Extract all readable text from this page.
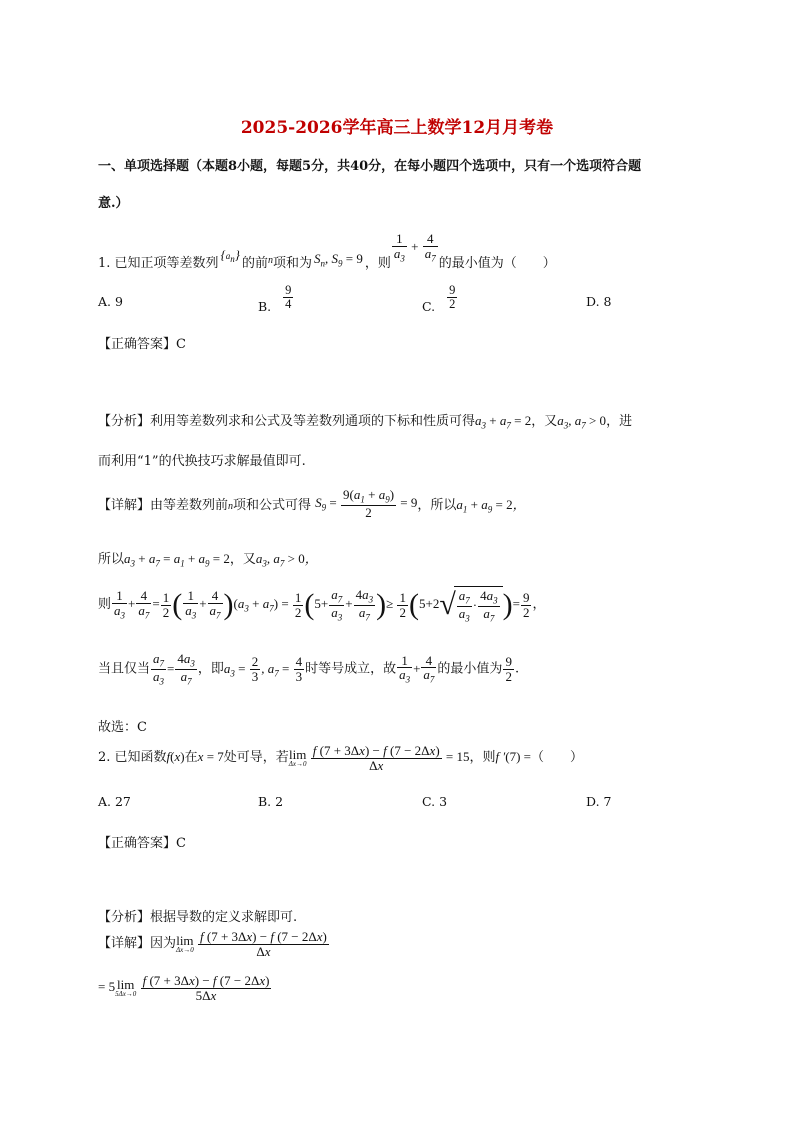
2025-2026学年高三上数学12月月考卷
一、单项选择题（本题8小题，每题5分，共40分，在每小题四个选项中，只有一个选项符合题
意.）
1. 已知正项等差数列$\{a_n\}$的前$_n$项和为 $S_n$, $S_9 = 9$ ，则 $\frac{1}{a_3} + \frac{4}{a_7}$ 的最小值为（　　）
A. 9	B. $\frac{9}{4}$	C. $\frac{9}{2}$	D. 8
【正确答案】C
【分析】利用等差数列求和公式及等差数列通项的下标和性质可得$a_3 + a_7 = 2$，又$a_3$, $a_7 > 0$，进
而利用“1”的代换技巧求解最值即可.
【详解】由等差数列前n项和公式可得 $S_9 = \frac{9(a_1 + a_9)}{2} = 9$，所以$a_1 + a_9 = 2$，
所以$a_3 + a_7 = a_1 + a_9 = 2$，又$a_3$, $a_7 > 0$，
则 $\frac{1}{a_3} + \frac{4}{a_7} = \frac{1}{2}$ ( $\frac{1}{a_3} + \frac{4}{a_7} )(a_3 + a_7) = \frac{1}{2} (5+ \frac{a_7}{a_3} + \frac{4a_3}{a_7}$ )≥ $\frac{1}{2} (5+2√ \frac{a_7}{a_3} \cdot \frac{4a_3}{a_7}$ )= $\frac{9}{2}$ ，
当且仅当 $\frac{a_7}{a_3} = \frac{4a_3}{a_7}$ ，即$a_3 = \frac{2}{3}$ , $a_7 = \frac{4}{3}$ 时等号成立，故 $\frac{1}{a_3} + \frac{4}{a_7}$ 的最小值为 $\frac{9}{2}$ .
故选：C
2. 已知函数f(x)在x = 7处可导，若 lim
Δx→0
$\frac{f (7 + 3\Delta x) - f (7 - 2\Delta x)}{\Delta x} = 15$，则f ′(7) =（　　）
A. 27	B. 2	C. 3	D. 7
【正确答案】C
【分析】根据导数的定义求解即可.
【详解】因为 lim
Δx→0
$\frac{f (7 + 3\Delta x) - f (7 - 2\Delta x)}{\Delta x}$
= 5 lim
5Δx→0
$\frac{f (7 + 3\Delta x) - f (7 - 2\Delta x)}{5\Delta x}$
